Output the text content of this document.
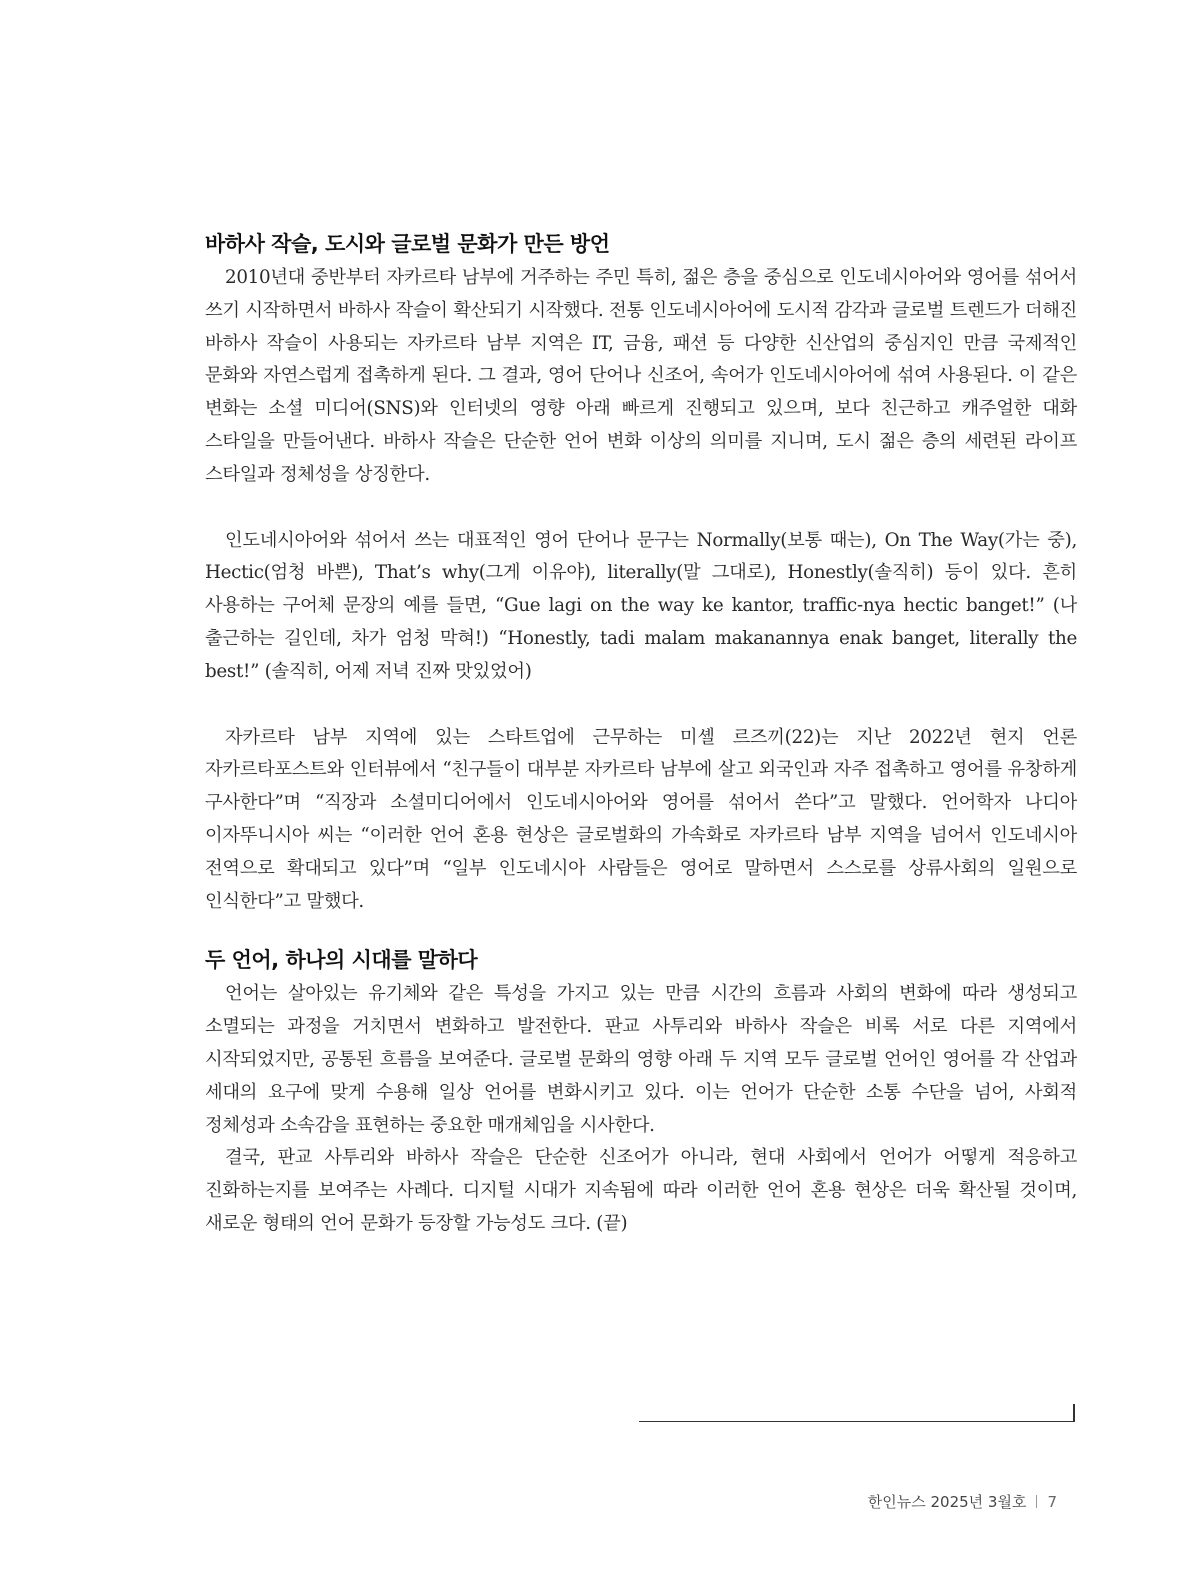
바하사 작슬, 도시와 글로벌 문화가 만든 방언

2010년대 중반부터 자카르타 남부에 거주하는 주민 특히, 젊은 층을 중심으로 인도네시아어와 영어를 섞어서 쓰기 시작하면서 바하사 작슬이 확산되기 시작했다. 전통 인도네시아어에 도시적 감각과 글로벌 트렌드가 더해진 바하사 작슬이 사용되는 자카르타 남부 지역은 IT, 금융, 패션 등 다양한 신산업의 중심지인 만큼 국제적인 문화와 자연스럽게 접촉하게 된다. 그 결과, 영어 단어나 신조어, 속어가 인도네시아어에 섞여 사용된다. 이 같은 변화는 소셜 미디어(SNS)와 인터넷의 영향 아래 빠르게 진행되고 있으며, 보다 친근하고 캐주얼한 대화 스타일을 만들어낸다. 바하사 작슬은 단순한 언어 변화 이상의 의미를 지니며, 도시 젊은 층의 세련된 라이프 스타일과 정체성을 상징한다.

인도네시아어와 섞어서 쓰는 대표적인 영어 단어나 문구는 Normally(보통 때는), On The Way(가는 중), Hectic(엄청 바쁜), That’s why(그게 이유야), literally(말 그대로), Honestly(솔직히) 등이 있다. 흔히 사용하는 구어체 문장의 예를 들면, “Gue lagi on the way ke kantor, traffic-nya hectic banget!” (나 출근하는 길인데, 차가 엄청 막혀!) “Honestly, tadi malam makanannya enak banget, literally the best!” (솔직히, 어제 저녁 진짜 맛있었어)

자카르타 남부 지역에 있는 스타트업에 근무하는 미셸 르즈끼(22)는 지난 2022년 현지 언론 자카르타포스트와 인터뷰에서 “친구들이 대부분 자카르타 남부에 살고 외국인과 자주 접촉하고 영어를 유창하게 구사한다”며 “직장과 소셜미디어에서 인도네시아어와 영어를 섞어서 쓴다”고 말했다. 언어학자 나디아 이자뚜니시아 씨는 “이러한 언어 혼용 현상은 글로벌화의 가속화로 자카르타 남부 지역을 넘어서 인도네시아 전역으로 확대되고 있다”며 “일부 인도네시아 사람들은 영어로 말하면서 스스로를 상류사회의 일원으로 인식한다”고 말했다.

두 언어, 하나의 시대를 말하다

언어는 살아있는 유기체와 같은 특성을 가지고 있는 만큼 시간의 흐름과 사회의 변화에 따라 생성되고 소멸되는 과정을 거치면서 변화하고 발전한다. 판교 사투리와 바하사 작슬은 비록 서로 다른 지역에서 시작되었지만, 공통된 흐름을 보여준다. 글로벌 문화의 영향 아래 두 지역 모두 글로벌 언어인 영어를 각 산업과 세대의 요구에 맞게 수용해 일상 언어를 변화시키고 있다. 이는 언어가 단순한 소통 수단을 넘어, 사회적 정체성과 소속감을 표현하는 중요한 매개체임을 시사한다.

결국, 판교 사투리와 바하사 작슬은 단순한 신조어가 아니라, 현대 사회에서 언어가 어떻게 적응하고 진화하는지를 보여주는 사례다. 디지털 시대가 지속됨에 따라 이러한 언어 혼용 현상은 더욱 확산될 것이며, 새로운 형태의 언어 문화가 등장할 가능성도 크다. (끝)

한인뉴스 2025년 3월호 7
